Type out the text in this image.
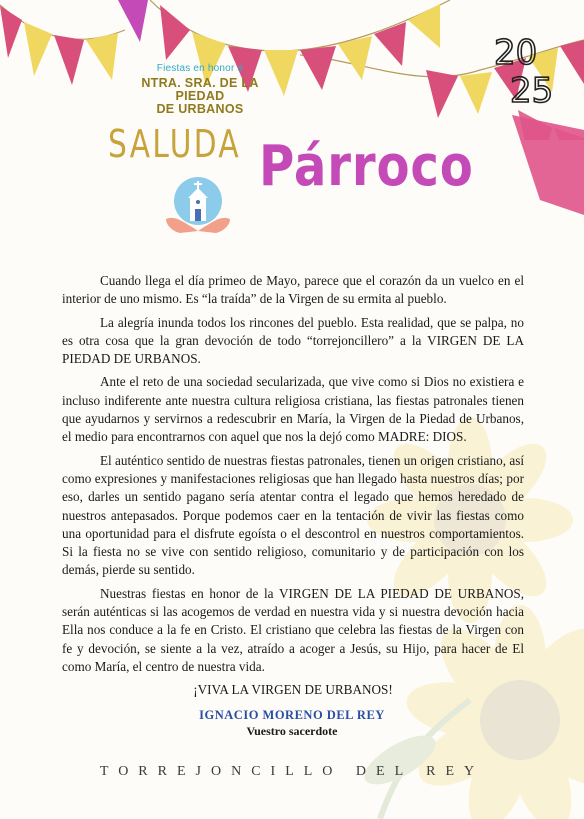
Fiestas en honor a
NTRA. SRA. DE LA PIEDAD
DE URBANOS
20
25
SALUDA Párroco

Cuando llega el día primeo de Mayo, parece que el corazón da un vuelco en el interior de uno mismo. Es “la traída” de la Virgen de su ermita al pueblo.

La alegría inunda todos los rincones del pueblo. Esta realidad, que se palpa, no es otra cosa que la gran devoción de todo “torrejoncillero” a la VIRGEN DE LA PIEDAD DE URBANOS.

Ante el reto de una sociedad secularizada, que vive como si Dios no existiera e incluso indiferente ante nuestra cultura religiosa cristiana, las fiestas patronales tienen que ayudarnos y servirnos a redescubrir en María, la Virgen de la Piedad de Urbanos, el medio para encontrarnos con aquel que nos la dejó como MADRE: DIOS.

El auténtico sentido de nuestras fiestas patronales, tienen un origen cristiano, así como expresiones y manifestaciones religiosas que han llegado hasta nuestros días; por eso, darles un sentido pagano sería atentar contra el legado que hemos heredado de nuestros antepasados. Porque podemos caer en la tentación de vivir las fiestas como una oportunidad para el disfrute egoísta o el descontrol en nuestros comportamientos. Si la fiesta no se vive con sentido religioso, comunitario y de participación con los demás, pierde su sentido.

Nuestras fiestas en honor de la VIRGEN DE LA PIEDAD DE URBANOS, serán auténticas si las acogemos de verdad en nuestra vida y si nuestra devoción hacia Ella nos conduce a la fe en Cristo. El cristiano que celebra las fiestas de la Virgen con fe y devoción, se siente a la vez, atraído a acoger a Jesús, su Hijo, para hacer de El como María, el centro de nuestra vida.

¡VIVA LA VIRGEN DE URBANOS!

IGNACIO MORENO DEL REY
Vuestro sacerdote
TORREJONCILLO DEL REY
